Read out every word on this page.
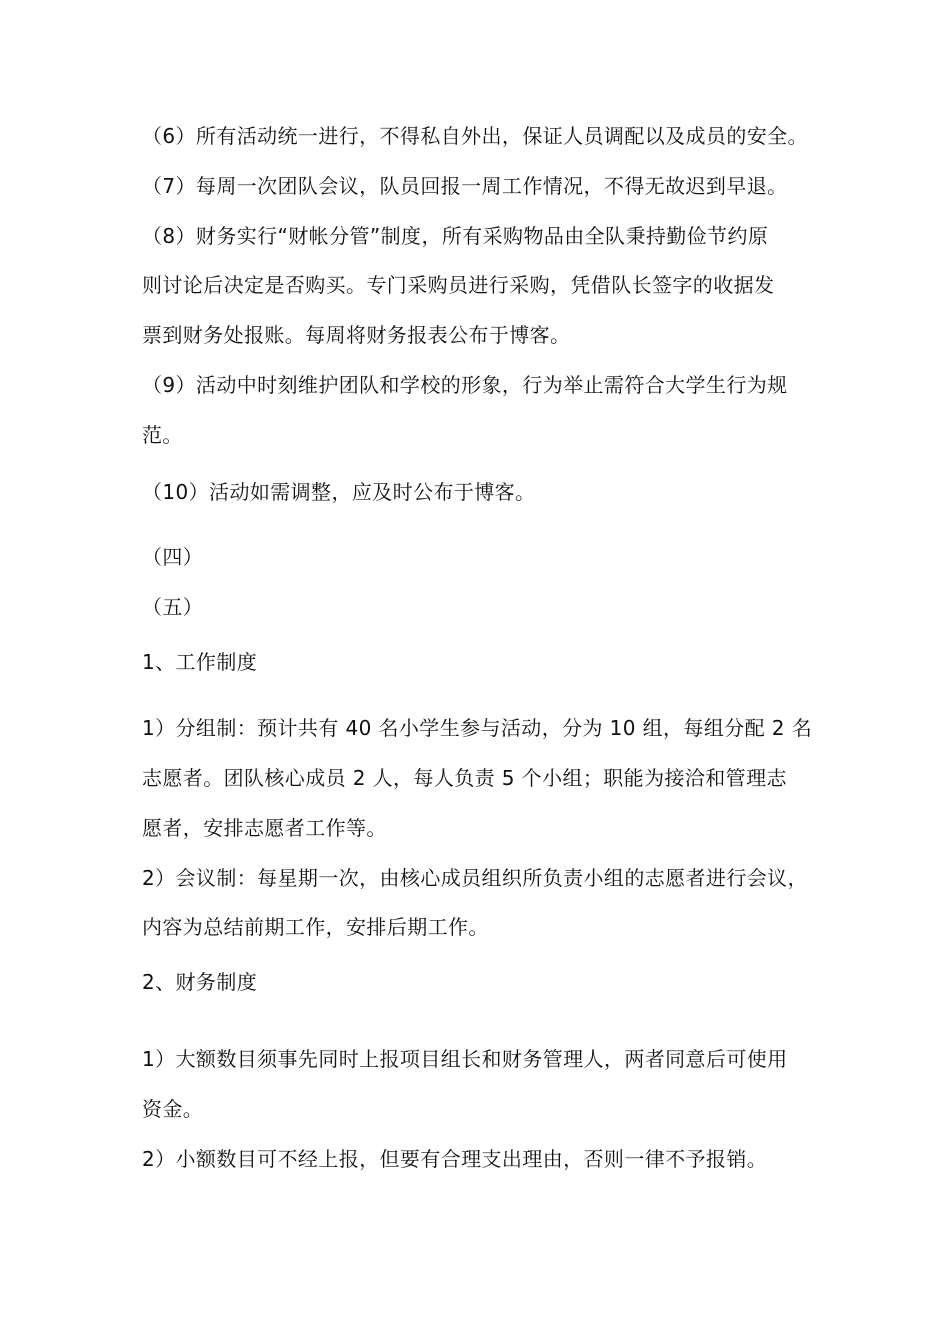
（6）所有活动统一进行，不得私自外出，保证人员调配以及成员的安全。
（7）每周一次团队会议，队员回报一周工作情况，不得无故迟到早退。
（8）财务实行“财帐分管”制度，所有采购物品由全队秉持勤俭节约原
则讨论后决定是否购买。专门采购员进行采购，凭借队长签字的收据发
票到财务处报账。每周将财务报表公布于博客。
（9）活动中时刻维护团队和学校的形象，行为举止需符合大学生行为规
范。
（10）活动如需调整，应及时公布于博客。
（四）
（五）
1、工作制度
1）分组制：预计共有 40 名小学生参与活动，分为 10 组，每组分配 2 名
志愿者。团队核心成员 2 人，每人负责 5 个小组；职能为接洽和管理志
愿者，安排志愿者工作等。
2）会议制：每星期一次，由核心成员组织所负责小组的志愿者进行会议，
内容为总结前期工作，安排后期工作。
2、财务制度
1）大额数目须事先同时上报项目组长和财务管理人，两者同意后可使用
资金。
2）小额数目可不经上报，但要有合理支出理由，否则一律不予报销。
